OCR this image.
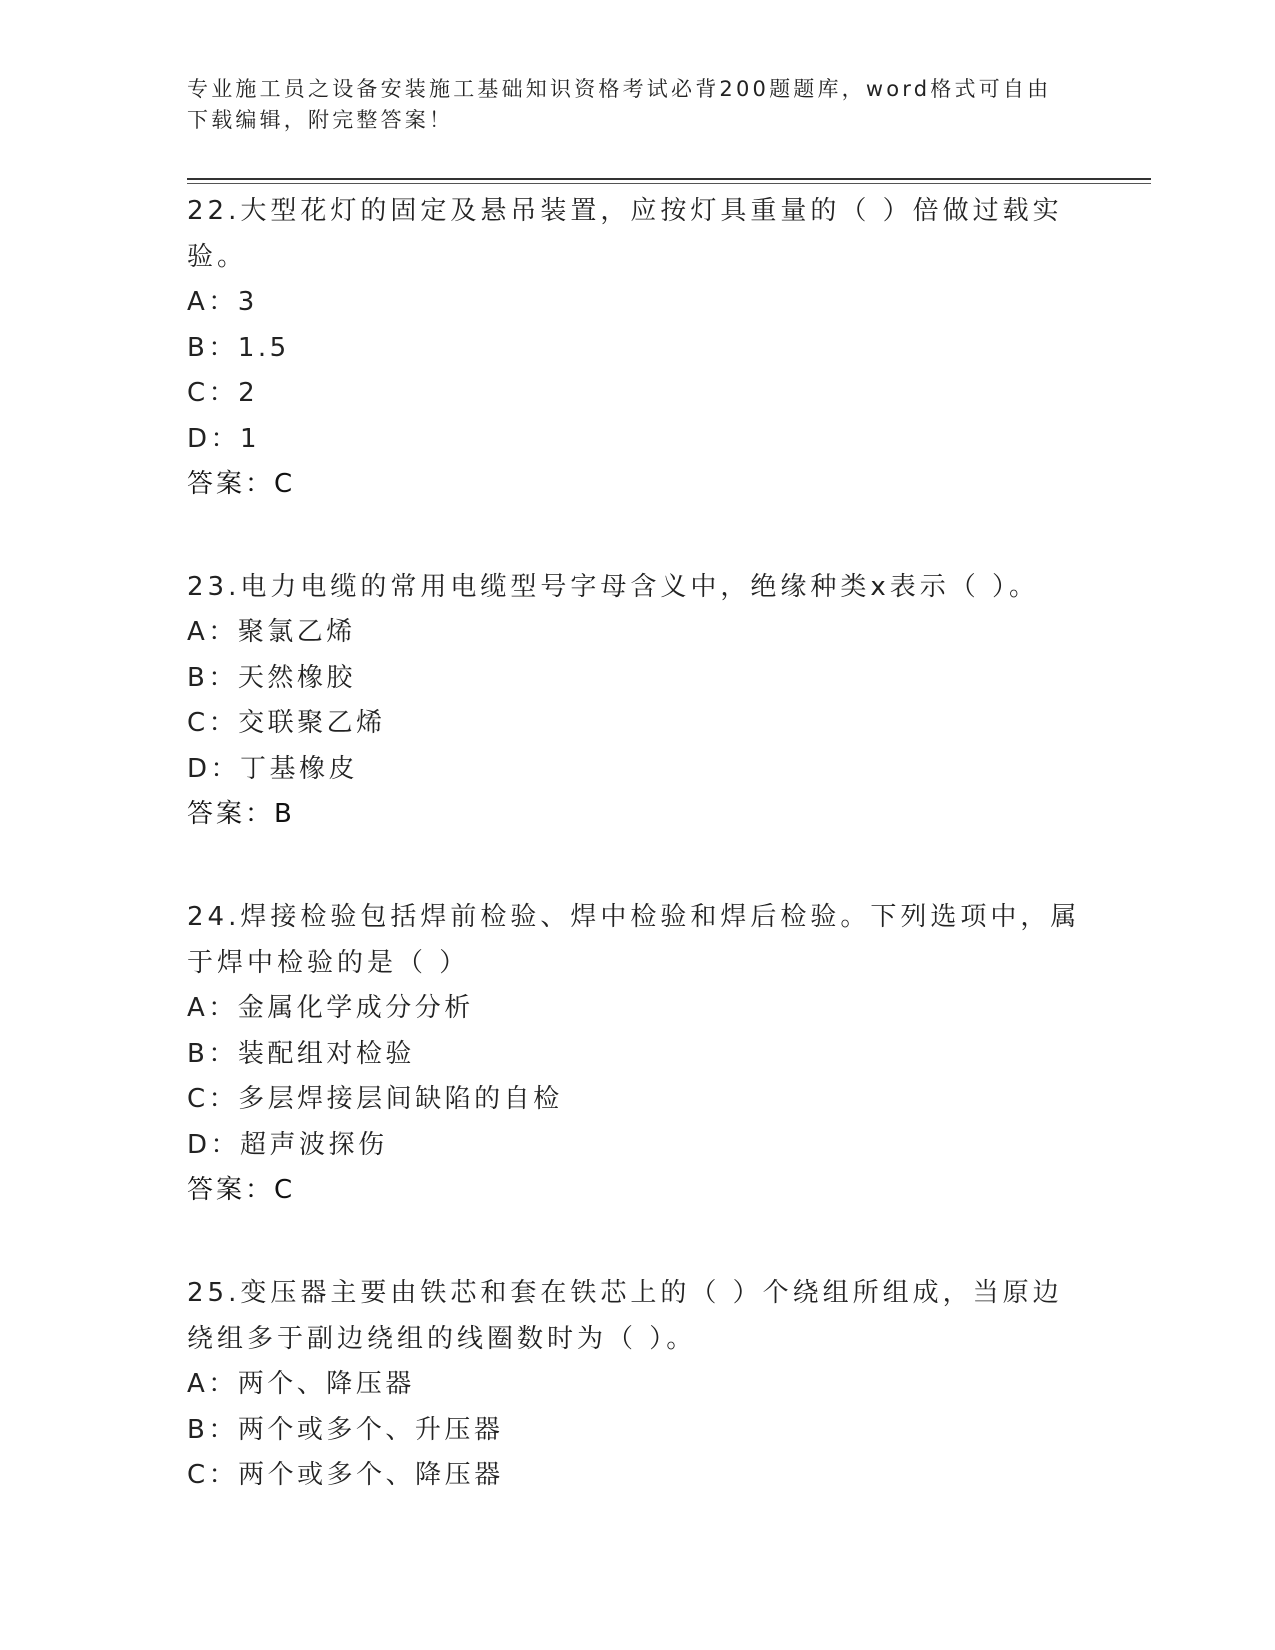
专业施工员之设备安装施工基础知识资格考试必背200题题库，word格式可自由下载编辑，附完整答案！

22.大型花灯的固定及悬吊装置，应按灯具重量的（ ）倍做过载实验。

A：3

B：1.5

C：2

D：1

答案：C

23.电力电缆的常用电缆型号字母含义中，绝缘种类x表示（ ）。

A：聚氯乙烯

B：天然橡胶

C：交联聚乙烯

D：丁基橡皮

答案：B

24.焊接检验包括焊前检验、焊中检验和焊后检验。下列选项中，属于焊中检验的是（ ）

A：金属化学成分分析

B：装配组对检验

C：多层焊接层间缺陷的自检

D：超声波探伤

答案：C

25.变压器主要由铁芯和套在铁芯上的（ ）个绕组所组成，当原边绕组多于副边绕组的线圈数时为（ ）。

A：两个、降压器

B：两个或多个、升压器

C：两个或多个、降压器
